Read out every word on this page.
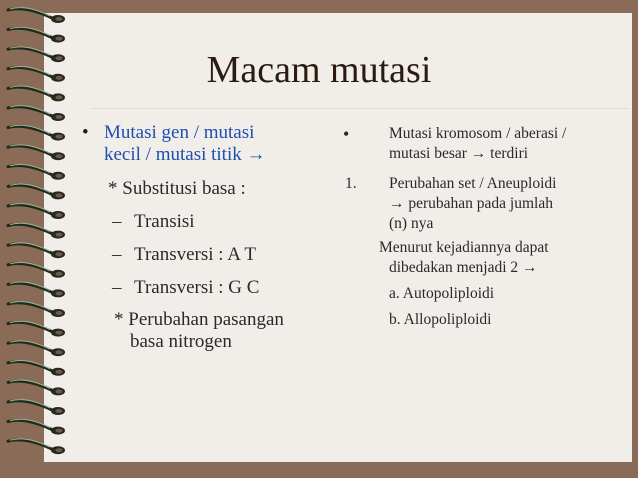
Macam mutasi
• Mutasi gen / mutasi
kecil / mutasi titik →
* Substitusi basa :
– Transisi
– Transversi : A T
– Transversi : G C
* Perubahan pasangan
basa nitrogen
•	Mutasi kromosom / aberasi /
mutasi besar → terdiri
1. Perubahan set / Aneuploidi
→ perubahan pada jumlah
(n) nya
Menurut kejadiannya dapat
dibedakan menjadi 2 →
a. Autopoliploidi
b. Allopoliploidi
